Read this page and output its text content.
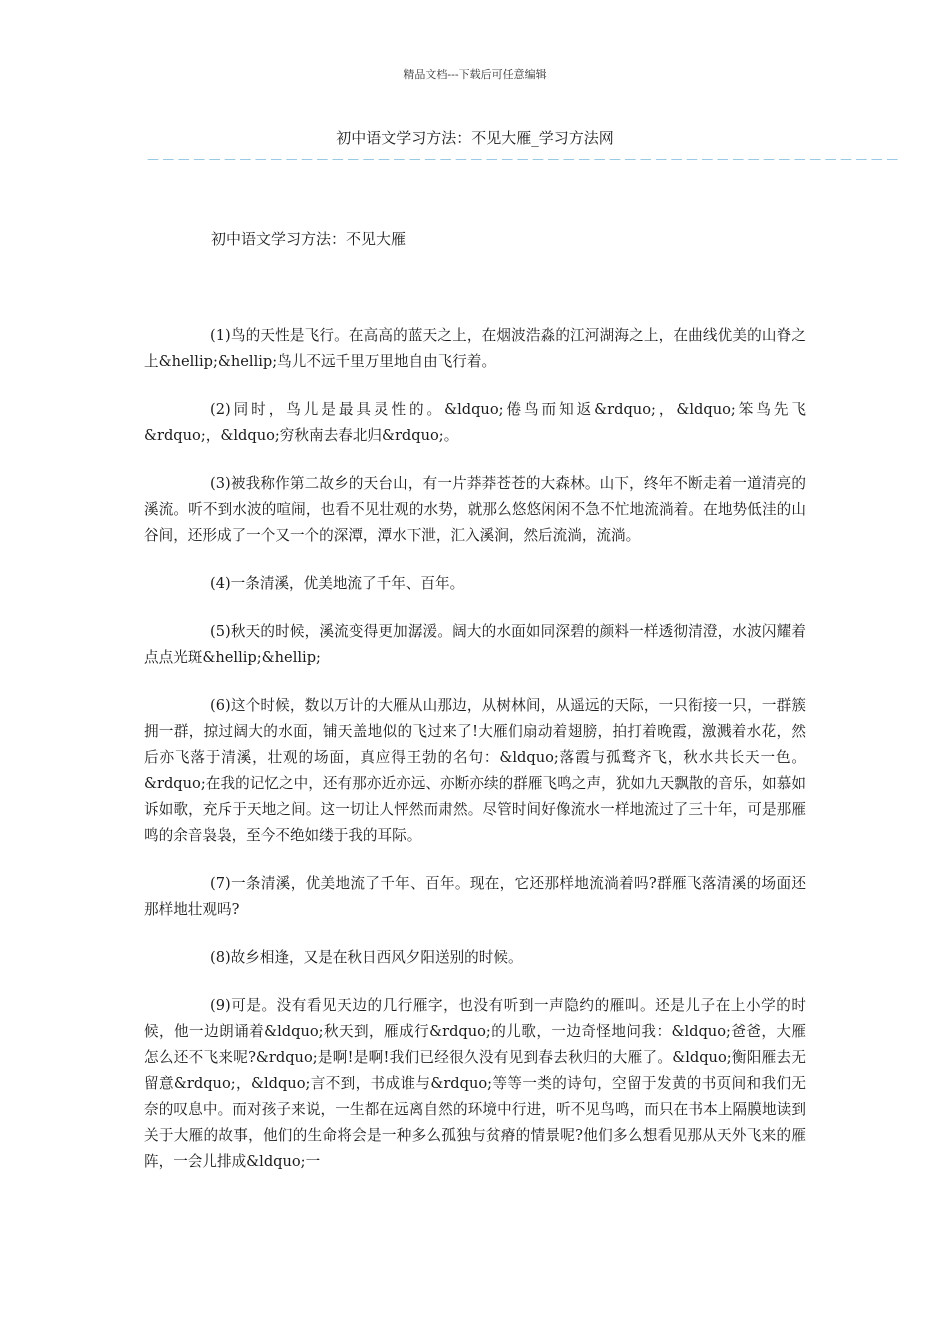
精品文档---下载后可任意编辑
初中语文学习方法：不见大雁_学习方法网
－－－－－－－－－－－－－－－－－－－－－－－－－－－－－－－－－－－－－－－－－－－－－－－－－
初中语文学习方法：不见大雁

(1)鸟的天性是飞行。在高高的蓝天之上，在烟波浩淼的江河湖海之上，在曲线优美的山脊之上&hellip;&hellip;鸟儿不远千里万里地自由飞行着。

(2)同时，鸟儿是最具灵性的。&ldquo;倦鸟而知返&rdquo;，&ldquo;笨鸟先飞&rdquo;，&ldquo;穷秋南去春北归&rdquo;。

(3)被我称作第二故乡的天台山，有一片莽莽苍苍的大森林。山下，终年不断走着一道清亮的溪流。听不到水波的喧闹，也看不见壮观的水势，就那么悠悠闲闲不急不忙地流淌着。在地势低洼的山谷间，还形成了一个又一个的深潭，潭水下泄，汇入溪涧，然后流淌，流淌。

(4)一条清溪，优美地流了千年、百年。

(5)秋天的时候，溪流变得更加潺湲。阔大的水面如同深碧的颜料一样透彻清澄，水波闪耀着点点光斑&hellip;&hellip;

(6)这个时候，数以万计的大雁从山那边，从树林间，从遥远的天际，一只衔接一只，一群簇拥一群，掠过阔大的水面，铺天盖地似的飞过来了!大雁们扇动着翅膀，拍打着晚霞，激溅着水花，然后亦飞落于清溪，壮观的场面，真应得王勃的名句：&ldquo;落霞与孤鹜齐飞，秋水共长天一色。&rdquo;在我的记忆之中，还有那亦近亦远、亦断亦续的群雁飞鸣之声，犹如九天飘散的音乐，如慕如诉如歌，充斥于天地之间。这一切让人怦然而肃然。尽管时间好像流水一样地流过了三十年，可是那雁鸣的余音袅袅，至今不绝如缕于我的耳际。

(7)一条清溪，优美地流了千年、百年。现在，它还那样地流淌着吗?群雁飞落清溪的场面还那样地壮观吗?

(8)故乡相逢，又是在秋日西风夕阳送别的时候。

(9)可是。没有看见天边的几行雁字，也没有听到一声隐约的雁叫。还是儿子在上小学的时候，他一边朗诵着&ldquo;秋天到，雁成行&rdquo;的儿歌，一边奇怪地问我：&ldquo;爸爸，大雁怎么还不飞来呢?&rdquo;是啊!是啊!我们已经很久没有见到春去秋归的大雁了。&ldquo;衡阳雁去无留意&rdquo;，&ldquo;言不到，书成谁与&rdquo;等等一类的诗句，空留于发黄的书页间和我们无奈的叹息中。而对孩子来说，一生都在远离自然的环境中行进，听不见鸟鸣，而只在书本上隔膜地读到关于大雁的故事，他们的生命将会是一种多么孤独与贫瘠的情景呢?他们多么想看见那从天外飞来的雁阵，一会儿排成&ldquo;一
